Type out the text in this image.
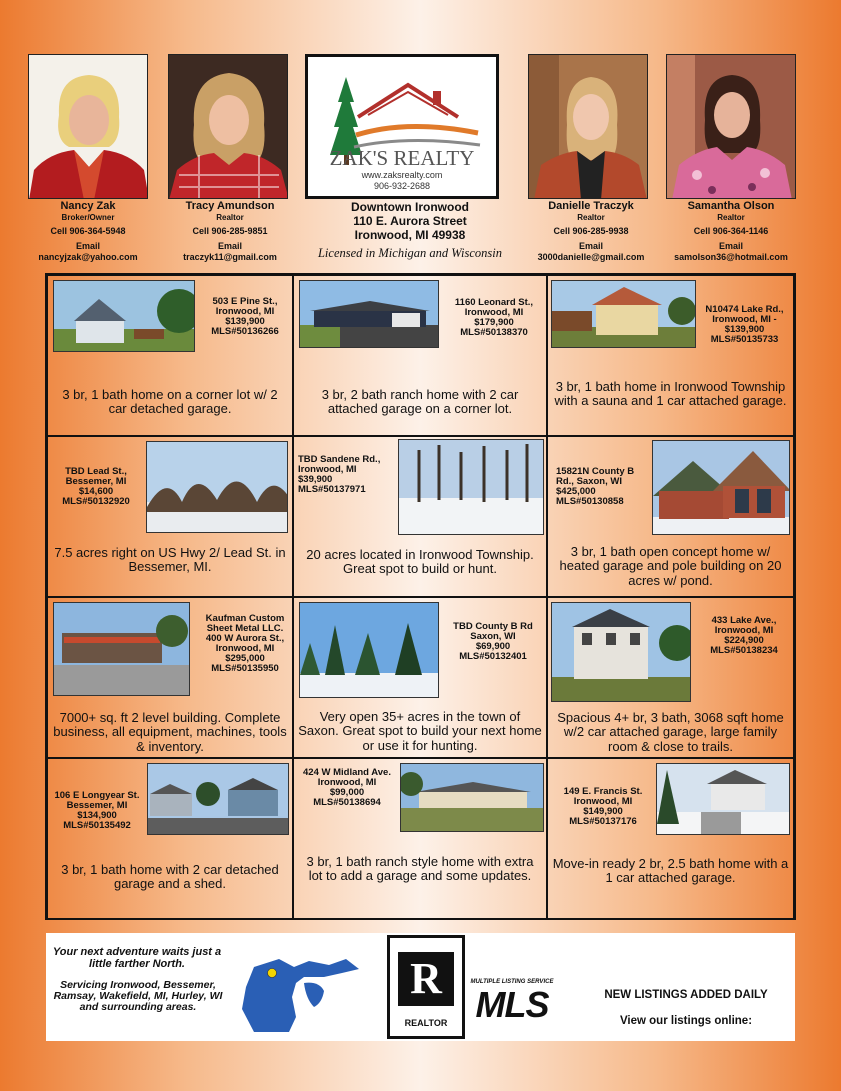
Nancy Zak
Broker/Owner
Cell 906-364-5948
Email
nancyjzak@yahoo.com
Tracy Amundson
Realtor
Cell 906-285-9851
Email
traczyk11@gmail.com
Danielle Traczyk
Realtor
Cell 906-285-9938
Email
3000danielle@gmail.com
Samantha Olson
Realtor
Cell 906-364-1146
Email
samolson36@hotmail.com
ZAK'S REALTY
www.zaksrealty.com
906-932-2688
Downtown Ironwood
110 E. Aurora Street
Ironwood, MI 49938
Licensed in Michigan and Wisconsin
503 E Pine St.,
Ironwood, MI
$139,900
MLS#50136266
3 br, 1 bath home on a corner lot w/ 2 car detached garage.
1160 Leonard St.,
Ironwood, MI
$179,900
MLS#50138370
3 br, 2 bath ranch home with 2 car attached garage on a corner lot.
N10474 Lake Rd.,
Ironwood, MI -
$139,900
MLS#50135733
3 br, 1 bath home in Ironwood Township with a sauna and 1 car attached garage.
TBD Lead St.,
Bessemer, MI
$14,600
MLS#50132920
7.5 acres right on US Hwy 2/ Lead St. in Bessemer, MI.
TBD Sandene Rd.,
Ironwood, MI
$39,900
MLS#50137971
20 acres located in Ironwood Township. Great spot to build or hunt.
15821N County B
Rd., Saxon, WI
$425,000
MLS#50130858
3 br, 1 bath open concept home w/ heated garage and pole building on 20 acres w/ pond.
Kaufman Custom
Sheet Metal LLC.
400 W Aurora St.,
Ironwood, MI
$295,000
MLS#50135950
7000+ sq. ft 2 level building. Complete business, all equipment, machines, tools & inventory.
TBD County B Rd
Saxon, WI
$69,900
MLS#50132401
Very open 35+ acres in the town of Saxon. Great spot to build your next home or use it for hunting.
433 Lake Ave.,
Ironwood, MI
$224,900
MLS#50138234
Spacious 4+ br, 3 bath, 3068 sqft home w/2 car attached garage, large family room & close to trails.
106 E Longyear St.
Bessemer, MI
$134,900
MLS#50135492
3 br, 1 bath home with 2 car detached garage and a shed.
424 W Midland Ave.
Ironwood, MI
$99,000
MLS#50138694
3 br, 1 bath ranch style home with extra lot to add a garage and some updates.
149 E. Francis St.
Ironwood, MI
$149,900
MLS#50137176
Move-in ready 2 br, 2.5 bath home with a 1 car attached garage.
Your next adventure waits just a little farther North.
Servicing Ironwood, Bessemer, Ramsay, Wakefield, MI, Hurley, WI and surrounding areas.
R
REALTOR
MULTIPLE LISTING SERVICE
MLS	NEW LISTINGS ADDED DAILY
View our listings online:
